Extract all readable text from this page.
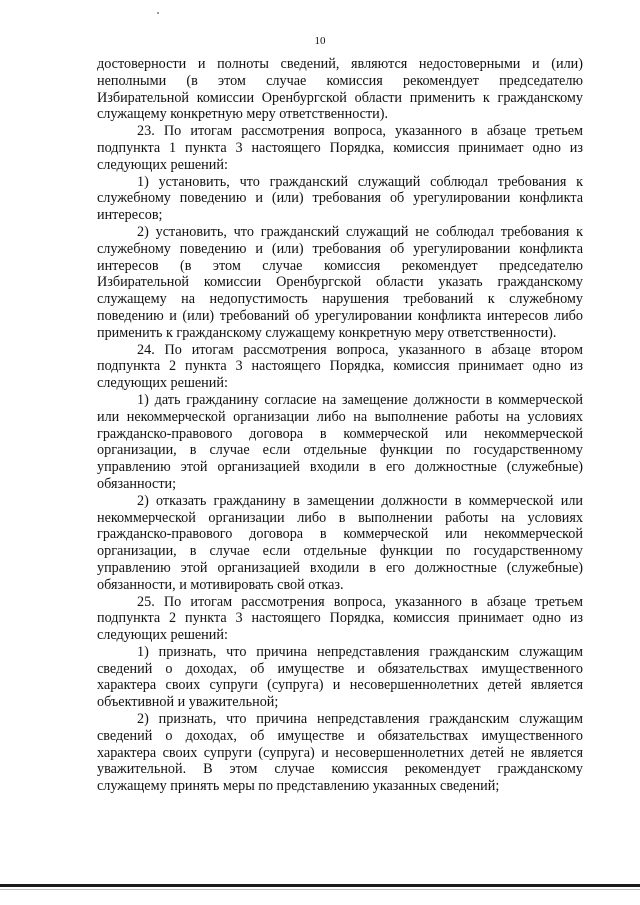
10
достоверности и полноты сведений, являются недостоверными и (или)
неполными (в этом случае комиссия рекомендует председателю
Избирательной комиссии Оренбургской области применить к гражданскому
служащему конкретную меру ответственности).
23. По итогам рассмотрения вопроса, указанного в абзаце третьем
подпункта 1 пункта 3 настоящего Порядка, комиссия принимает одно из
следующих решений:
1) установить, что гражданский служащий соблюдал требования к
служебному поведению и (или) требования об урегулировании конфликта
интересов;
2) установить, что гражданский служащий не соблюдал требования к
служебному поведению и (или) требования об урегулировании конфликта
интересов (в этом случае комиссия рекомендует председателю
Избирательной комиссии Оренбургской области указать гражданскому
служащему на недопустимость нарушения требований к служебному
поведению и (или) требований об урегулировании конфликта интересов либо
применить к гражданскому служащему конкретную меру ответственности).
24. По итогам рассмотрения вопроса, указанного в абзаце втором
подпункта 2 пункта 3 настоящего Порядка, комиссия принимает одно из
следующих решений:
1) дать гражданину согласие на замещение должности в коммерческой
или некоммерческой организации либо на выполнение работы на условиях
гражданско-правового договора в коммерческой или некоммерческой
организации, в случае если отдельные функции по государственному
управлению этой организацией входили в его должностные (служебные)
обязанности;
2) отказать гражданину в замещении должности в коммерческой или
некоммерческой организации либо в выполнении работы на условиях
гражданско-правового договора в коммерческой или некоммерческой
организации, в случае если отдельные функции по государственному
управлению этой организацией входили в его должностные (служебные)
обязанности, и мотивировать свой отказ.
25. По итогам рассмотрения вопроса, указанного в абзаце третьем
подпункта 2 пункта 3 настоящего Порядка, комиссия принимает одно из
следующих решений:
1) признать, что причина непредставления гражданским служащим
сведений о доходах, об имуществе и обязательствах имущественного
характера своих супруги (супруга) и несовершеннолетних детей является
объективной и уважительной;
2) признать, что причина непредставления гражданским служащим
сведений о доходах, об имуществе и обязательствах имущественного
характера своих супруги (супруга) и несовершеннолетних детей не является
уважительной. В этом случае комиссия рекомендует гражданскому
служащему принять меры по представлению указанных сведений;
